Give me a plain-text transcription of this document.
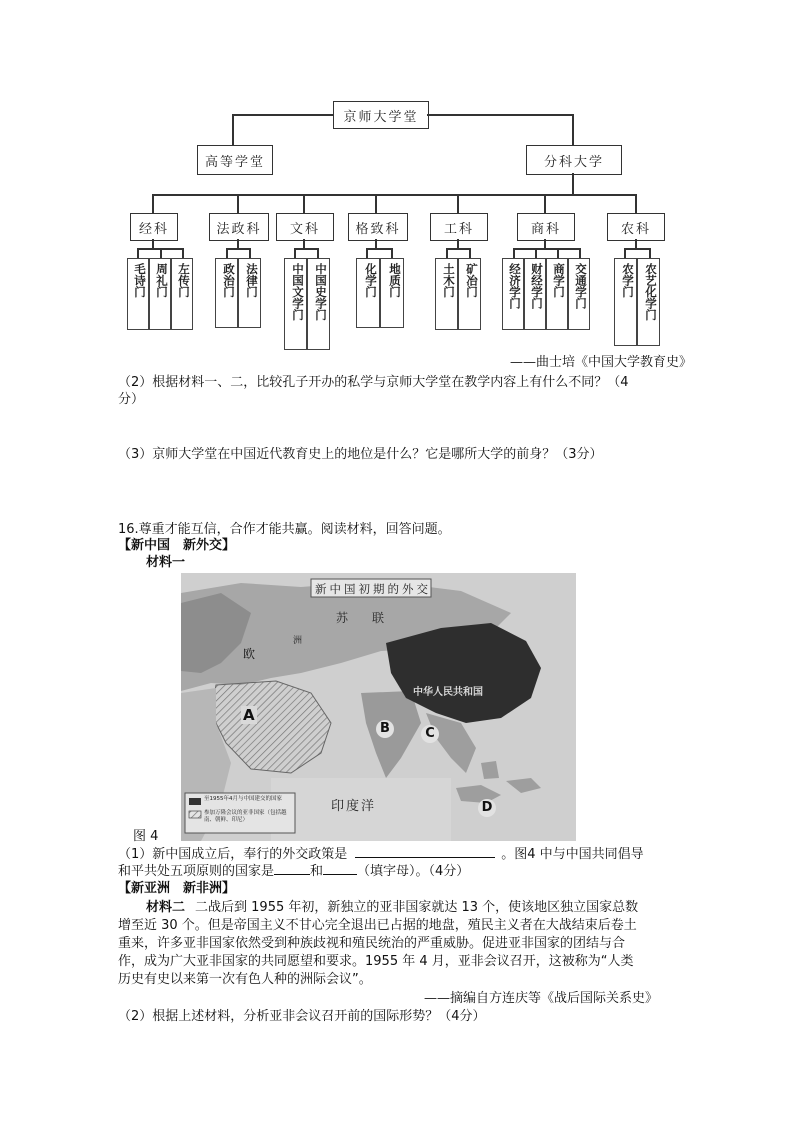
京师大学堂
高等学堂	分科大学
经科	法政科	文科	格致科	工科	商科	农科
毛诗门 周礼门 左传门	政治门 法律门	中国文学门 中国史学门	化学门 地质门	土木门 矿冶门	经济学门 财经学门 商学门 交通学门	农学门 农艺化学门
——曲士培《中国大学教育史》
（2）根据材料一、二，比较孔子开办的私学与京师大学堂在教学内容上有什么不同？（4
分）
（3）京师大学堂在中国近代教育史上的地位是什么？它是哪所大学的前身？（3分）
16.尊重才能互信，合作才能共赢。阅读材料，回答问题。
【新中国　新外交】
材料一
新中国初期的外交
苏　　联
欧
洲
中华人民共和国
印度洋
A
B	C
D
至1955年4月与中国建交的国家
参加万隆会议的亚非国家（包括越南、朝鲜、印尼）
图 4
（1）新中国成立后，奉行的外交政策是	。图4 中与中国共同倡导
和平共处五项原则的国家是	和	（填字母）。（4分）
【新亚洲　新非洲】
材料二 二战后到 1955 年初，新独立的亚非国家就达 13 个，使该地区独立国家总数
增至近 30 个。但是帝国主义不甘心完全退出已占据的地盘，殖民主义者在大战结束后卷土
重来，许多亚非国家依然受到种族歧视和殖民统治的严重威胁。促进亚非国家的团结与合
作，成为广大亚非国家的共同愿望和要求。1955 年 4 月，亚非会议召开，这被称为“人类
历史有史以来第一次有色人种的洲际会议”。
——摘编自方连庆等《战后国际关系史》
（2）根据上述材料，分析亚非会议召开前的国际形势？（4分）
